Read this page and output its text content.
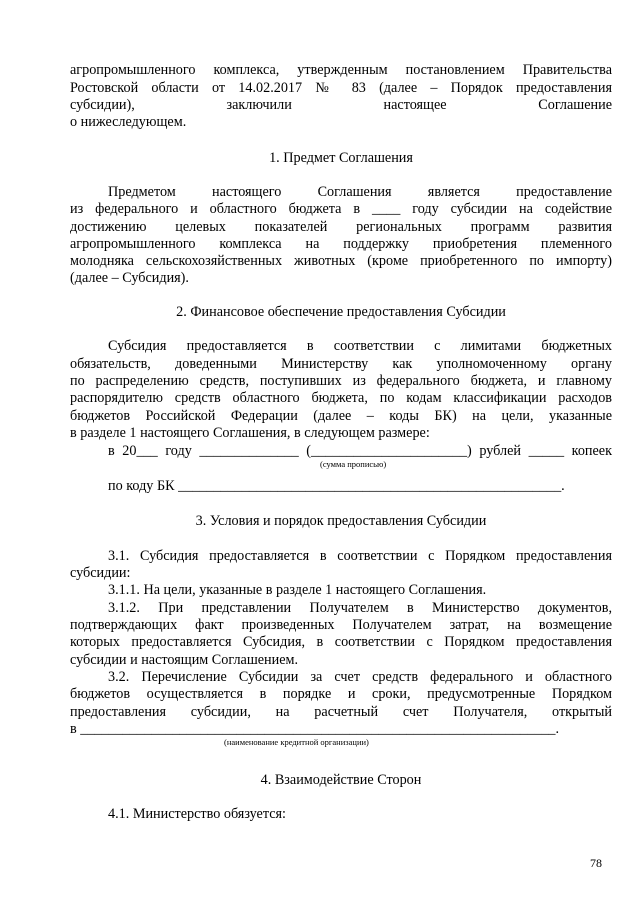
агропромышленного комплекса, утвержденным постановлением Правительства
Ростовской области от 14.02.2017 № 83 (далее – Порядок предоставления
субсидии), заключили настоящее Соглашение
о нижеследующем.
1. Предмет Соглашения
Предметом настоящего Соглашения является предоставление
из федерального и областного бюджета в ____ году субсидии на содействие
достижению целевых показателей региональных программ развития
агропромышленного комплекса на поддержку приобретения племенного
молодняка сельскохозяйственных животных (кроме приобретенного по импорту)
(далее – Субсидия).
2. Финансовое обеспечение предоставления Субсидии
Субсидия предоставляется в соответствии с лимитами бюджетных
обязательств, доведенными Министерству как уполномоченному органу
по распределению средств, поступивших из федерального бюджета, и главному
распорядителю средств областного бюджета, по кодам классификации расходов
бюджетов Российской Федерации (далее – коды БК) на цели, указанные
в разделе 1 настоящего Соглашения, в следующем размере:
в 20___ году ______________ (______________________) рублей _____ копеек
(сумма прописью)
по коду БК ______________________________________________________.
3. Условия и порядок предоставления Субсидии
3.1. Субсидия предоставляется в соответствии с Порядком предоставления
субсидии:
3.1.1. На цели, указанные в разделе 1 настоящего Соглашения.
3.1.2. При представлении Получателем в Министерство документов,
подтверждающих факт произведенных Получателем затрат, на возмещение
которых предоставляется Субсидия, в соответствии с Порядком предоставления
субсидии и настоящим Соглашением.
3.2. Перечисление Субсидии за счет средств федерального и областного
бюджетов осуществляется в порядке и сроки, предусмотренные Порядком
предоставления субсидии, на расчетный счет Получателя, открытый
в ___________________________________________________________________.
(наименование кредитной организации)
4. Взаимодействие Сторон
4.1. Министерство обязуется:
78
